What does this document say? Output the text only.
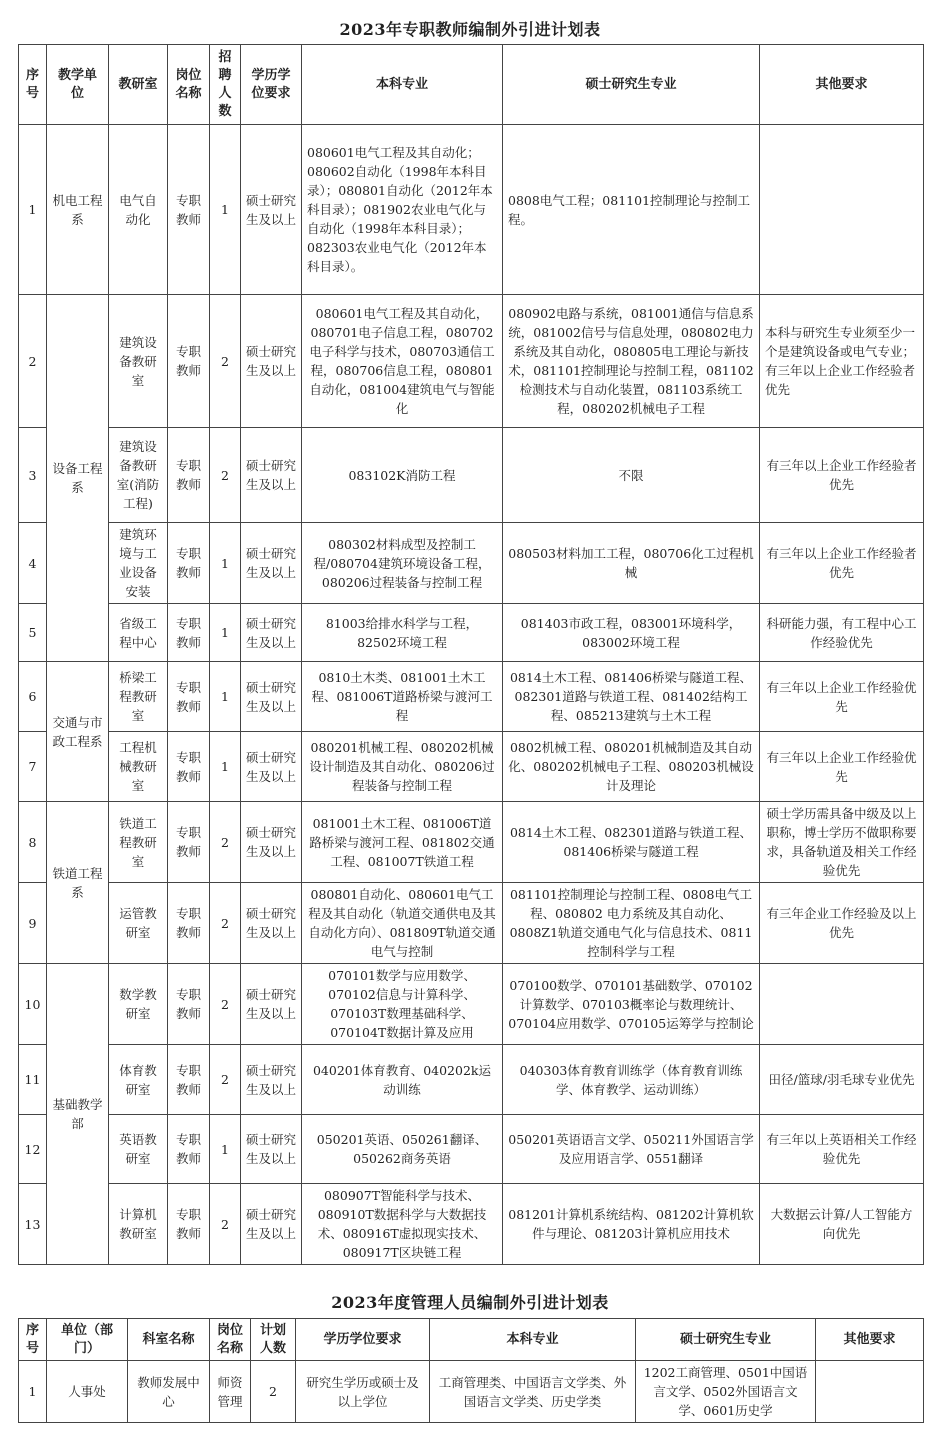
2023年专职教师编制外引进计划表
序号	教学单位	教研室	岗位名称	招聘人数	学历学位要求	本科专业	硕士研究生专业	其他要求
1	机电工程系	电气自动化	专职教师	1	硕士研究生及以上	080601电气工程及其自动化；080602自动化（1998年本科目录）；080801自动化（2012年本科目录）；081902农业电气化与自动化（1998年本科目录）；082303农业电气化（2012年本科目录）。	0808电气工程；081101控制理论与控制工程。	
2	设备工程系	建筑设备教研室	专职教师	2	硕士研究生及以上	080601电气工程及其自动化，080701电子信息工程，080702电子科学与技术，080703通信工程，080706信息工程，080801自动化，081004建筑电气与智能化	080902电路与系统，081001通信与信息系统，081002信号与信息处理，080802电力系统及其自动化，080805电工理论与新技术，081101控制理论与控制工程，081102检测技术与自动化装置，081103系统工程，080202机械电子工程	本科与研究生专业须至少一个是建筑设备或电气专业；有三年以上企业工作经验者优先
3		建筑设备教研室(消防工程)	专职教师	2	硕士研究生及以上	083102K消防工程	不限	有三年以上企业工作经验者优先
4		建筑环境与工业设备安装	专职教师	1	硕士研究生及以上	080302材料成型及控制工程/080704建筑环境设备工程，080206过程装备与控制工程	080503材料加工工程，080706化工过程机械	有三年以上企业工作经验者优先
5		省级工程中心	专职教师	1	硕士研究生及以上	81003给排水科学与工程，82502环境工程	081403市政工程，083001环境科学，083002环境工程	科研能力强，有工程中心工作经验优先
6	交通与市政工程系	桥梁工程教研室	专职教师	1	硕士研究生及以上	0810土木类、081001土木工程、081006T道路桥梁与渡河工程	0814土木工程、081406桥梁与隧道工程、082301道路与铁道工程、081402结构工程、085213建筑与土木工程	有三年以上企业工作经验优先
7		工程机械教研室	专职教师	1	硕士研究生及以上	080201机械工程、080202机械设计制造及其自动化、080206过程装备与控制工程	0802机械工程、080201机械制造及其自动化、080202机械电子工程、080203机械设计及理论	有三年以上企业工作经验优先
8	铁道工程系	铁道工程教研室	专职教师	2	硕士研究生及以上	081001土木工程、081006T道路桥梁与渡河工程、081802交通工程、081007T铁道工程	0814土木工程、082301道路与铁道工程、081406桥梁与隧道工程	硕士学历需具备中级及以上职称，博士学历不做职称要求，具备轨道及相关工作经验优先
9		运管教研室	专职教师	2	硕士研究生及以上	080801自动化、080601电气工程及其自动化（轨道交通供电及其自动化方向）、081809T轨道交通电气与控制	081101控制理论与控制工程、0808电气工程、080802 电力系统及其自动化、0808Z1轨道交通电气化与信息技术、0811控制科学与工程	有三年企业工作经验及以上优先
10	基础教学部	数学教研室	专职教师	2	硕士研究生及以上	070101数学与应用数学、070102信息与计算科学、070103T数理基础科学、070104T数据计算及应用	070100数学、070101基础数学、070102计算数学、070103概率论与数理统计、070104应用数学、070105运筹学与控制论	
11		体育教研室	专职教师	2	硕士研究生及以上	040201体育教育、040202k运动训练	040303体育教育训练学（体育教育训练学、体育教学、运动训练）	田径/篮球/羽毛球专业优先
12		英语教研室	专职教师	1	硕士研究生及以上	050201英语、050261翻译、050262商务英语	050201英语语言文学、050211外国语言学及应用语言学、0551翻译	有三年以上英语相关工作经验优先
13		计算机教研室	专职教师	2	硕士研究生及以上	080907T智能科学与技术、080910T数据科学与大数据技术、080916T虚拟现实技术、080917T区块链工程	081201计算机系统结构、081202计算机软件与理论、081203计算机应用技术	大数据云计算/人工智能方向优先
2023年度管理人员编制外引进计划表
序号	单位（部门）	科室名称	岗位名称	计划人数	学历学位要求	本科专业	硕士研究生专业	其他要求
1	人事处	教师发展中心	师资管理	2	研究生学历或硕士及以上学位	工商管理类、中国语言文学类、外国语言文学类、历史学类	1202工商管理、0501中国语言文学、0502外国语言文学、0601历史学	
